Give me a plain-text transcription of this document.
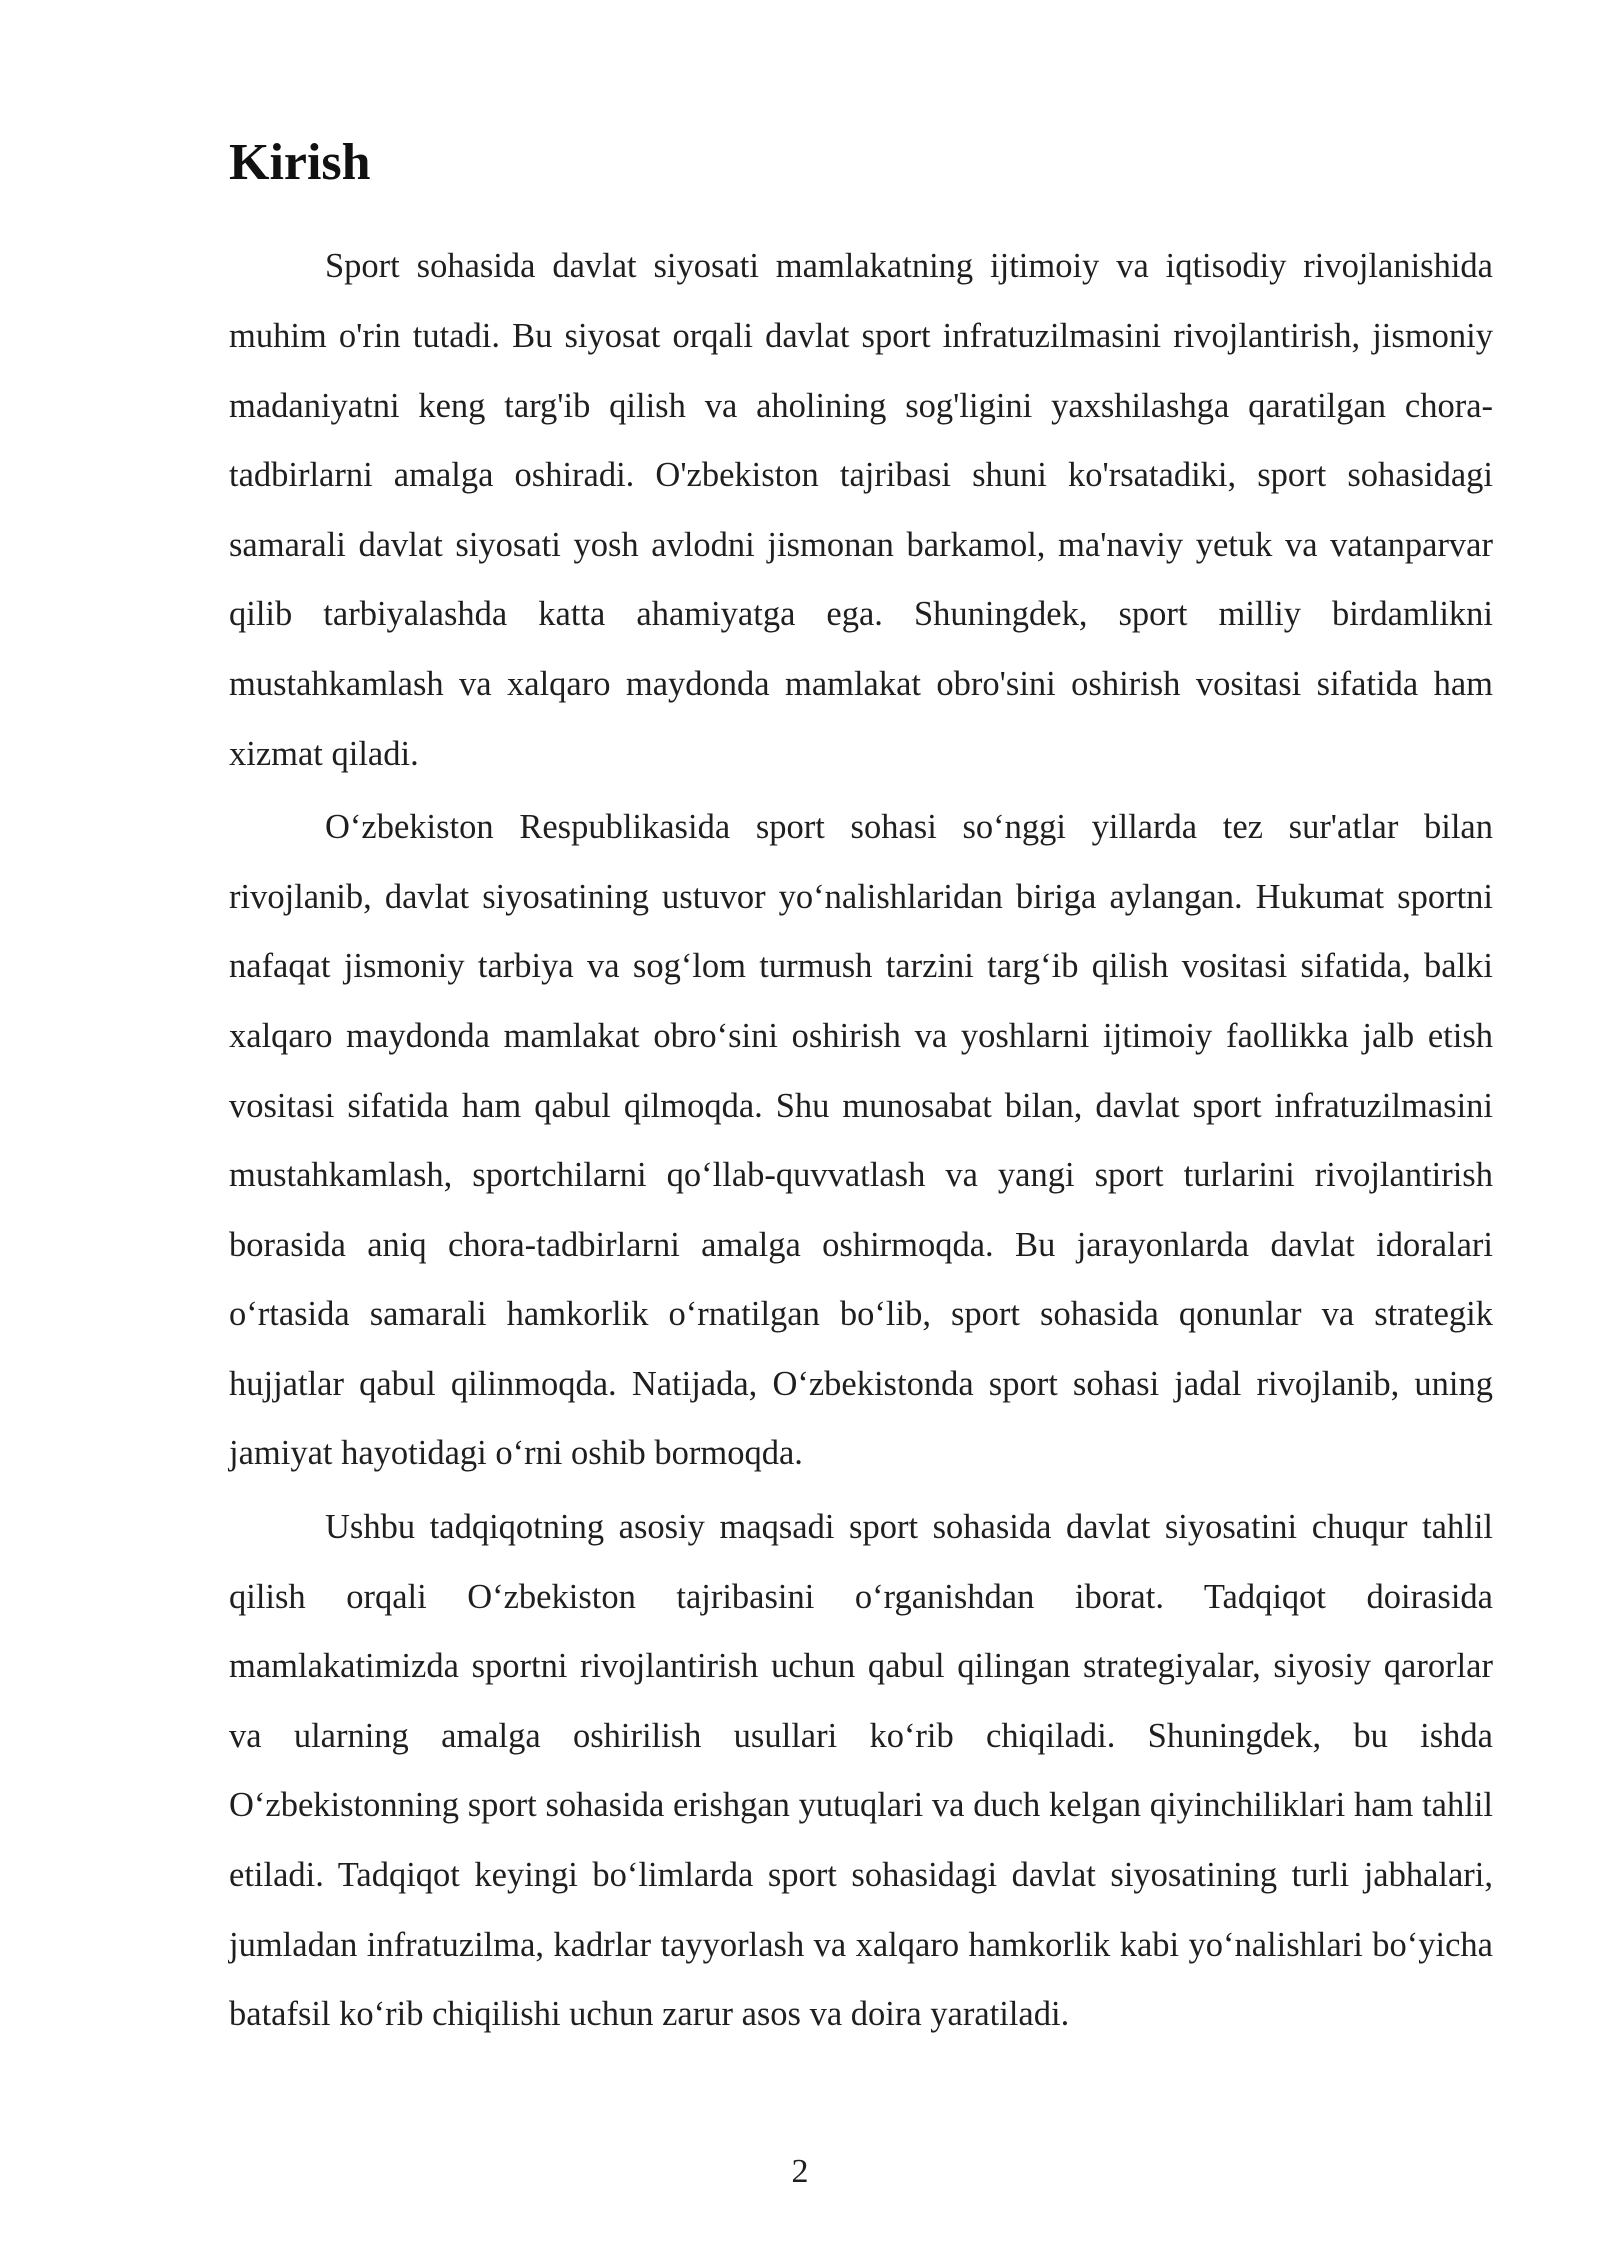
Kirish

Sport sohasida davlat siyosati mamlakatning ijtimoiy va iqtisodiy rivojlanishida muhim o'rin tutadi. Bu siyosat orqali davlat sport infratuzilmasini rivojlantirish, jismoniy madaniyatni keng targ'ib qilish va aholining sog'ligini yaxshilashga qaratilgan chora-tadbirlarni amalga oshiradi. O'zbekiston tajribasi shuni ko'rsatadiki, sport sohasidagi samarali davlat siyosati yosh avlodni jismonan barkamol, ma'naviy yetuk va vatanparvar qilib tarbiyalashda katta ahamiyatga ega. Shuningdek, sport milliy birdamlikni mustahkamlash va xalqaro maydonda mamlakat obro'sini oshirish vositasi sifatida ham xizmat qiladi.

O‘zbekiston Respublikasida sport sohasi so‘nggi yillarda tez sur'atlar bilan rivojlanib, davlat siyosatining ustuvor yo‘nalishlaridan biriga aylangan. Hukumat sportni nafaqat jismoniy tarbiya va sog‘lom turmush tarzini targ‘ib qilish vositasi sifatida, balki xalqaro maydonda mamlakat obro‘sini oshirish va yoshlarni ijtimoiy faollikka jalb etish vositasi sifatida ham qabul qilmoqda. Shu munosabat bilan, davlat sport infratuzilmasini mustahkamlash, sportchilarni qo‘llab-quvvatlash va yangi sport turlarini rivojlantirish borasida aniq chora-tadbirlarni amalga oshirmoqda. Bu jarayonlarda davlat idoralari o‘rtasida samarali hamkorlik o‘rnatilgan bo‘lib, sport sohasida qonunlar va strategik hujjatlar qabul qilinmoqda. Natijada, O‘zbekistonda sport sohasi jadal rivojlanib, uning jamiyat hayotidagi o‘rni oshib bormoqda.

Ushbu tadqiqotning asosiy maqsadi sport sohasida davlat siyosatini chuqur tahlil qilish orqali O‘zbekiston tajribasini o‘rganishdan iborat. Tadqiqot doirasida mamlakatimizda sportni rivojlantirish uchun qabul qilingan strategiyalar, siyosiy qarorlar va ularning amalga oshirilish usullari ko‘rib chiqiladi. Shuningdek, bu ishda O‘zbekistonning sport sohasida erishgan yutuqlari va duch kelgan qiyinchiliklari ham tahlil etiladi. Tadqiqot keyingi bo‘limlarda sport sohasidagi davlat siyosatining turli jabhalari, jumladan infratuzilma, kadrlar tayyorlash va xalqaro hamkorlik kabi yo‘nalishlari bo‘yicha batafsil ko‘rib chiqilishi uchun zarur asos va doira yaratiladi.

2
